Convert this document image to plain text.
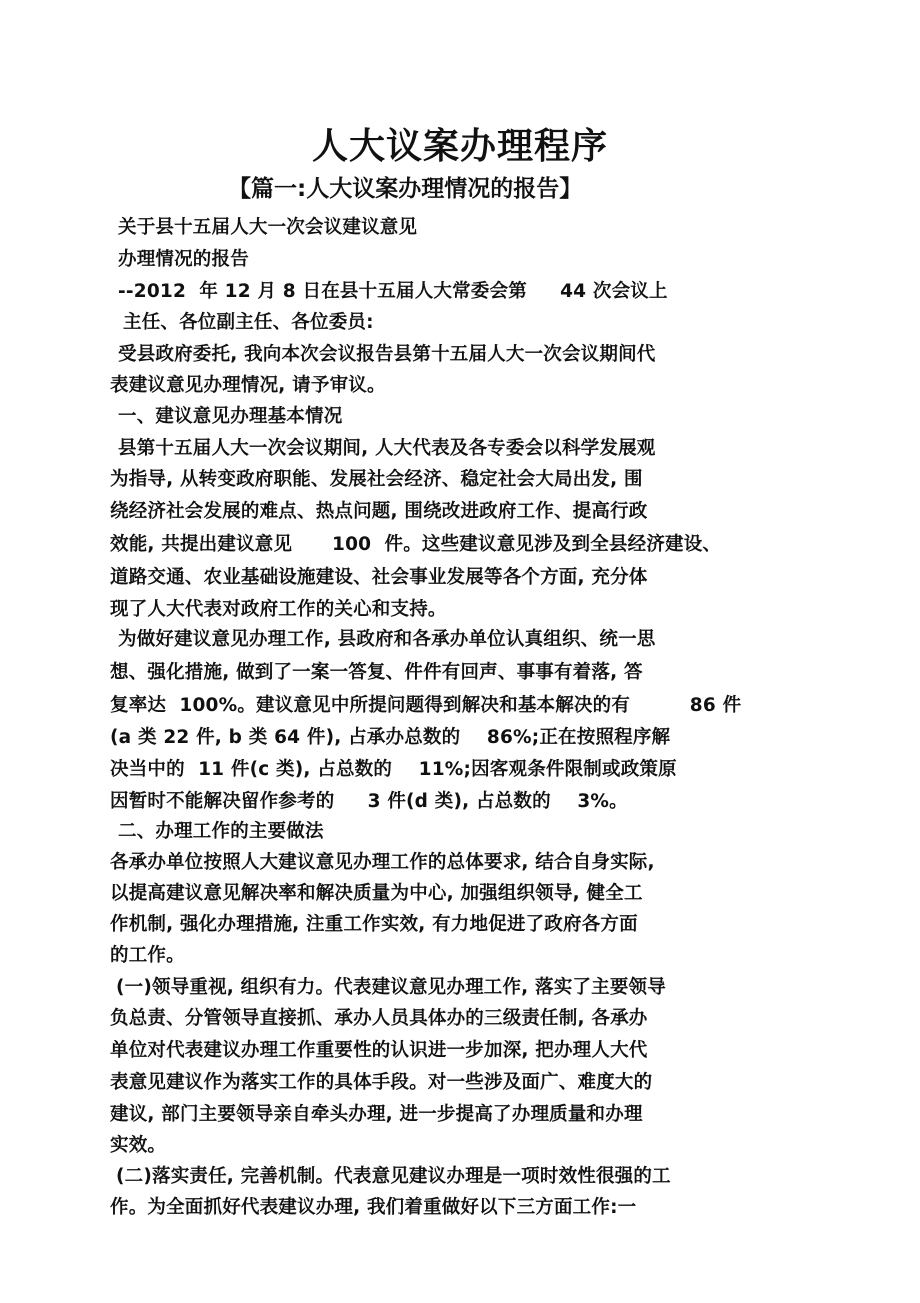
人大议案办理程序
【篇一:人大议案办理情况的报告】
关于县十五届人大一次会议建议意见
办理情况的报告
--2012  年 12 月 8 日在县十五届人大常委会第     44 次会议上
主任、各位副主任、各位委员:
受县政府委托, 我向本次会议报告县第十五届人大一次会议期间代
表建议意见办理情况, 请予审议。
一、建议意见办理基本情况
县第十五届人大一次会议期间, 人大代表及各专委会以科学发展观
为指导, 从转变政府职能、发展社会经济、稳定社会大局出发, 围
绕经济社会发展的难点、热点问题, 围绕改进政府工作、提高行政
效能, 共提出建议意见      100  件。这些建议意见涉及到全县经济建设、
道路交通、农业基础设施建设、社会事业发展等各个方面, 充分体
现了人大代表对政府工作的关心和支持。
为做好建议意见办理工作, 县政府和各承办单位认真组织、统一思
想、强化措施, 做到了一案一答复、件件有回声、事事有着落, 答
复率达  100%。建议意见中所提问题得到解决和基本解决的有         86 件
(a 类 22 件, b 类 64 件), 占承办总数的    86%;正在按照程序解
决当中的  11 件(c 类), 占总数的    11%;因客观条件限制或政策原
因暂时不能解决留作参考的     3 件(d 类), 占总数的    3%。
二、办理工作的主要做法
各承办单位按照人大建议意见办理工作的总体要求, 结合自身实际,
以提高建议意见解决率和解决质量为中心, 加强组织领导, 健全工
作机制, 强化办理措施, 注重工作实效, 有力地促进了政府各方面
的工作。
(一)领导重视, 组织有力。代表建议意见办理工作, 落实了主要领导
负总责、分管领导直接抓、承办人员具体办的三级责任制, 各承办
单位对代表建议办理工作重要性的认识进一步加深, 把办理人大代
表意见建议作为落实工作的具体手段。对一些涉及面广、难度大的
建议, 部门主要领导亲自牵头办理, 进一步提高了办理质量和办理
实效。
(二)落实责任, 完善机制。代表意见建议办理是一项时效性很强的工
作。为全面抓好代表建议办理, 我们着重做好以下三方面工作:一
